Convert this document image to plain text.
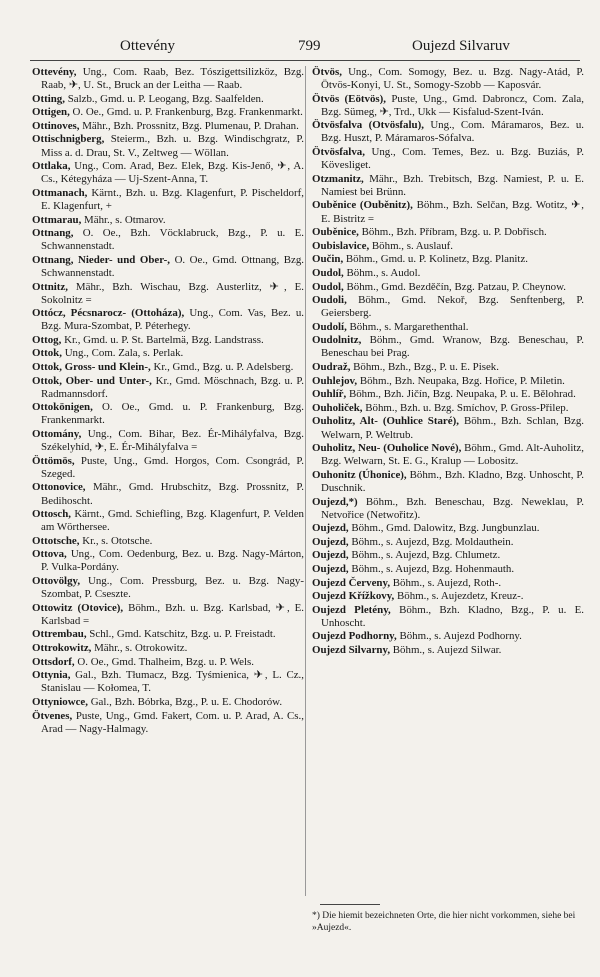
Ottevény	799	Oujezd Silvaruv

Ottevény, Ung., Com. Raab, Bez. Tószigettsilizköz, Bzg. Raab, ✈, U. St., Bruck an der Leitha — Raab.

Otting, Salzb., Gmd. u. P. Leogang, Bzg. Saalfelden.

Ottigen, O. Oe., Gmd. u. P. Frankenburg, Bzg. Frankenmarkt.

Ottinoves, Mähr., Bzh. Prossnitz, Bzg. Plumenau, P. Drahan.

Ottischnigberg, Steierm., Bzh. u. Bzg. Windischgratz, P. Miss a. d. Drau, St. V., Zeltweg — Wöllan.

Ottlaka, Ung., Com. Arad, Bez. Elek, Bzg. Kis-Jenő, ✈, A. Cs., Kétegyháza — Uj-Szent-Anna, T.

Ottmanach, Kärnt., Bzh. u. Bzg. Klagenfurt, P. Pischeldorf, E. Klagenfurt, +

Ottmarau, Mähr., s. Otmarov.

Ottnang, O. Oe., Bzh. Vöcklabruck, Bzg., P. u. E. Schwannenstadt.

Ottnang, Nieder- und Ober-, O. Oe., Gmd. Ottnang, Bzg. Schwannenstadt.

Ottnitz, Mähr., Bzh. Wischau, Bzg. Austerlitz, ✈, E. Sokolnitz =

Ottócz, Pécsnarocz- (Ottoháza), Ung., Com. Vas, Bez. u. Bzg. Mura-Szombat, P. Péterhegy.

Ottog, Kr., Gmd. u. P. St. Bartelmä, Bzg. Landstrass.

Ottok, Ung., Com. Zala, s. Perlak.

Ottok, Gross- und Klein-, Kr., Gmd., Bzg. u. P. Adelsberg.

Ottok, Ober- und Unter-, Kr., Gmd. Möschnach, Bzg. u. P. Radmannsdorf.

Ottokönigen, O. Oe., Gmd. u. P. Frankenburg, Bzg. Frankenmarkt.

Ottomány, Ung., Com. Bihar, Bez. Ér-Mihályfalva, Bzg. Székelyhíd, ✈, E. Ér-Mihályfalva =

Öttömös, Puste, Ung., Gmd. Horgos, Com. Csongrád, P. Szeged.

Ottonovice, Mähr., Gmd. Hrubschitz, Bzg. Prossnitz, P. Bedihoscht.

Ottosch, Kärnt., Gmd. Schiefling, Bzg. Klagenfurt, P. Velden am Wörthersee.

Ottotsche, Kr., s. Ototsche.

Ottova, Ung., Com. Oedenburg, Bez. u. Bzg. Nagy-Márton, P. Vulka-Pordány.

Ottovölgy, Ung., Com. Pressburg, Bez. u. Bzg. Nagy-Szombat, P. Cseszte.

Ottowitz (Otovice), Böhm., Bzh. u. Bzg. Karlsbad, ✈, E. Karlsbad =

Ottrembau, Schl., Gmd. Katschitz, Bzg. u. P. Freistadt.

Ottrokowitz, Mähr., s. Otrokowitz.

Ottsdorf, O. Oe., Gmd. Thalheim, Bzg. u. P. Wels.

Ottynia, Gal., Bzh. Tłumacz, Bzg. Tyśmienica, ✈, L. Cz., Stanislau — Kołomea, T.

Ottyniowce, Gal., Bzh. Bóbrka, Bzg., P. u. E. Chodorów.

Ötvenes, Puste, Ung., Gmd. Fakert, Com. u. P. Arad, A. Cs., Arad — Nagy-Halmagy.

Ötvös, Ung., Com. Somogy, Bez. u. Bzg. Nagy-Atád, P. Ötvös-Konyi, U. St., Somogy-Szobb — Kaposvár.

Ötvös (Eötvös), Puste, Ung., Gmd. Dabroncz, Com. Zala, Bzg. Sümeg, ✈, Trd., Ukk — Kisfalud-Szent-Iván.

Ötvösfalva (Otvösfalu), Ung., Com. Máramaros, Bez. u. Bzg. Huszt, P. Máramaros-Sófalva.

Ötvösfalva, Ung., Com. Temes, Bez. u. Bzg. Buziás, P. Kövesliget.

Otzmanitz, Mähr., Bzh. Trebitsch, Bzg. Namiest, P. u. E. Namiest bei Brünn.

Ouběnice (Ouběnitz), Böhm., Bzh. Selčan, Bzg. Wotitz, ✈, E. Bistritz =

Ouběnice, Böhm., Bzh. Příbram, Bzg. u. P. Dobřisch.

Oubislavice, Böhm., s. Auslauf.

Oučin, Böhm., Gmd. u. P. Kolinetz, Bzg. Planitz.

Oudol, Böhm., s. Audol.

Oudol, Böhm., Gmd. Bezděčín, Bzg. Patzau, P. Cheynow.

Oudoli, Böhm., Gmd. Nekoř, Bzg. Senftenberg, P. Geiersberg.

Oudolí, Böhm., s. Margarethenthal.

Oudolnitz, Böhm., Gmd. Wranow, Bzg. Beneschau, P. Beneschau bei Prag.

Oudraž, Böhm., Bzh., Bzg., P. u. E. Pisek.

Ouhlejov, Böhm., Bzh. Neupaka, Bzg. Hořice, P. Miletin.

Ouhlíř, Böhm., Bzh. Jičín, Bzg. Neupaka, P. u. E. Bělohrad.

Ouholiček, Böhm., Bzh. u. Bzg. Smíchov, P. Gross-Přilep.

Ouholitz, Alt- (Ouhlice Staré), Böhm., Bzh. Schlan, Bzg. Welwarn, P. Weltrub.

Ouholitz, Neu- (Ouholice Nové), Böhm., Gmd. Alt-Auholitz, Bzg. Welwarn, St. E. G., Kralup — Lobositz.

Ouhonitz (Úhonice), Böhm., Bzh. Kladno, Bzg. Unhoscht, P. Duschnik.

Oujezd,*) Böhm., Bzh. Beneschau, Bzg. Neweklau, P. Netvořice (Netwořitz).

Oujezd, Böhm., Gmd. Dalowitz, Bzg. Jungbunzlau.

Oujezd, Böhm., s. Aujezd, Bzg. Moldauthein.

Oujezd, Böhm., s. Aujezd, Bzg. Chlumetz.

Oujezd, Böhm., s. Aujezd, Bzg. Hohenmauth.

Oujezd Červeny, Böhm., s. Aujezd, Roth-.

Oujezd Křížkovy, Böhm., s. Aujezdetz, Kreuz-.

Oujezd Pletény, Böhm., Bzh. Kladno, Bzg., P. u. E. Unhoscht.

Oujezd Podhorny, Böhm., s. Aujezd Podhorny.

Oujezd Silvarny, Böhm., s. Aujezd Silwar.

*) Die hiemit bezeichneten Orte, die hier nicht vorkommen, siehe bei »Aujezd«.
